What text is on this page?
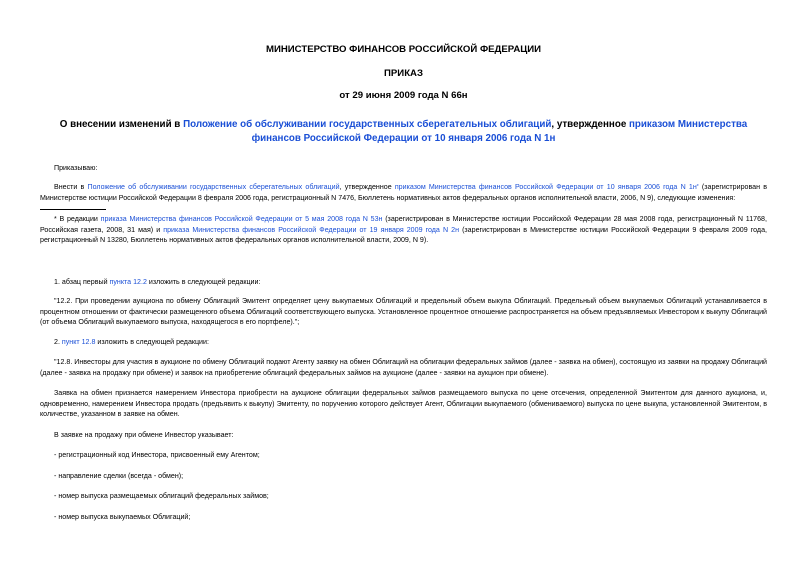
МИНИСТЕРСТВО ФИНАНСОВ РОССИЙСКОЙ ФЕДЕРАЦИИ
ПРИКАЗ
от 29 июня 2009 года N 66н
О внесении изменений в Положение об обслуживании государственных сберегательных облигаций, утвержденное приказом Министерства финансов Российской Федерации от 10 января 2006 года N 1н
Приказываю:
Внести в Положение об обслуживании государственных сберегательных облигаций, утвержденное приказом Министерства финансов Российской Федерации от 10 января 2006 года N 1н* (зарегистрирован в Министерстве юстиции Российской Федерации 8 февраля 2006 года, регистрационный N 7476, Бюллетень нормативных актов федеральных органов исполнительной власти, 2006, N 9), следующие изменения:
* В редакции приказа Министерства финансов Российской Федерации от 5 мая 2008 года N 53н (зарегистрирован в Министерстве юстиции Российской Федерации 28 мая 2008 года, регистрационный N 11768, Российская газета, 2008, 31 мая) и приказа Министерства финансов Российской Федерации от 19 января 2009 года N 2н (зарегистрирован в Министерстве юстиции Российской Федерации 9 февраля 2009 года, регистрационный N 13280, Бюллетень нормативных актов федеральных органов исполнительной власти, 2009, N 9).
1. абзац первый пункта 12.2 изложить в следующей редакции:
"12.2. При проведении аукциона по обмену Облигаций Эмитент определяет цену выкупаемых Облигаций и предельный объем выкупа Облигаций. Предельный объем выкупаемых Облигаций устанавливается в процентном отношении от фактически размещенного объема Облигаций соответствующего выпуска. Установленное процентное отношение распространяется на объем предъявляемых Инвестором к выкупу Облигаций (от объема Облигаций выкупаемого выпуска, находящегося в его портфеле).";
2. пункт 12.8 изложить в следующей редакции:
"12.8. Инвесторы для участия в аукционе по обмену Облигаций подают Агенту заявку на обмен Облигаций на облигации федеральных займов (далее - заявка на обмен), состоящую из заявки на продажу Облигаций (далее - заявка на продажу при обмене) и заявок на приобретение облигаций федеральных займов на аукционе (далее - заявки на аукцион при обмене).
Заявка на обмен признается намерением Инвестора приобрести на аукционе облигации федеральных займов размещаемого выпуска по цене отсечения, определенной Эмитентом для данного аукциона, и, одновременно, намерением Инвестора продать (предъявить к выкупу) Эмитенту, по поручению которого действует Агент, Облигации выкупаемого (обмениваемого) выпуска по цене выкупа, установленной Эмитентом, в количестве, указанном в заявке на обмен.
В заявке на продажу при обмене Инвестор указывает:
- регистрационный код Инвестора, присвоенный ему Агентом;
- направление сделки (всегда - обмен);
- номер выпуска размещаемых облигаций федеральных займов;
- номер выпуска выкупаемых Облигаций;
